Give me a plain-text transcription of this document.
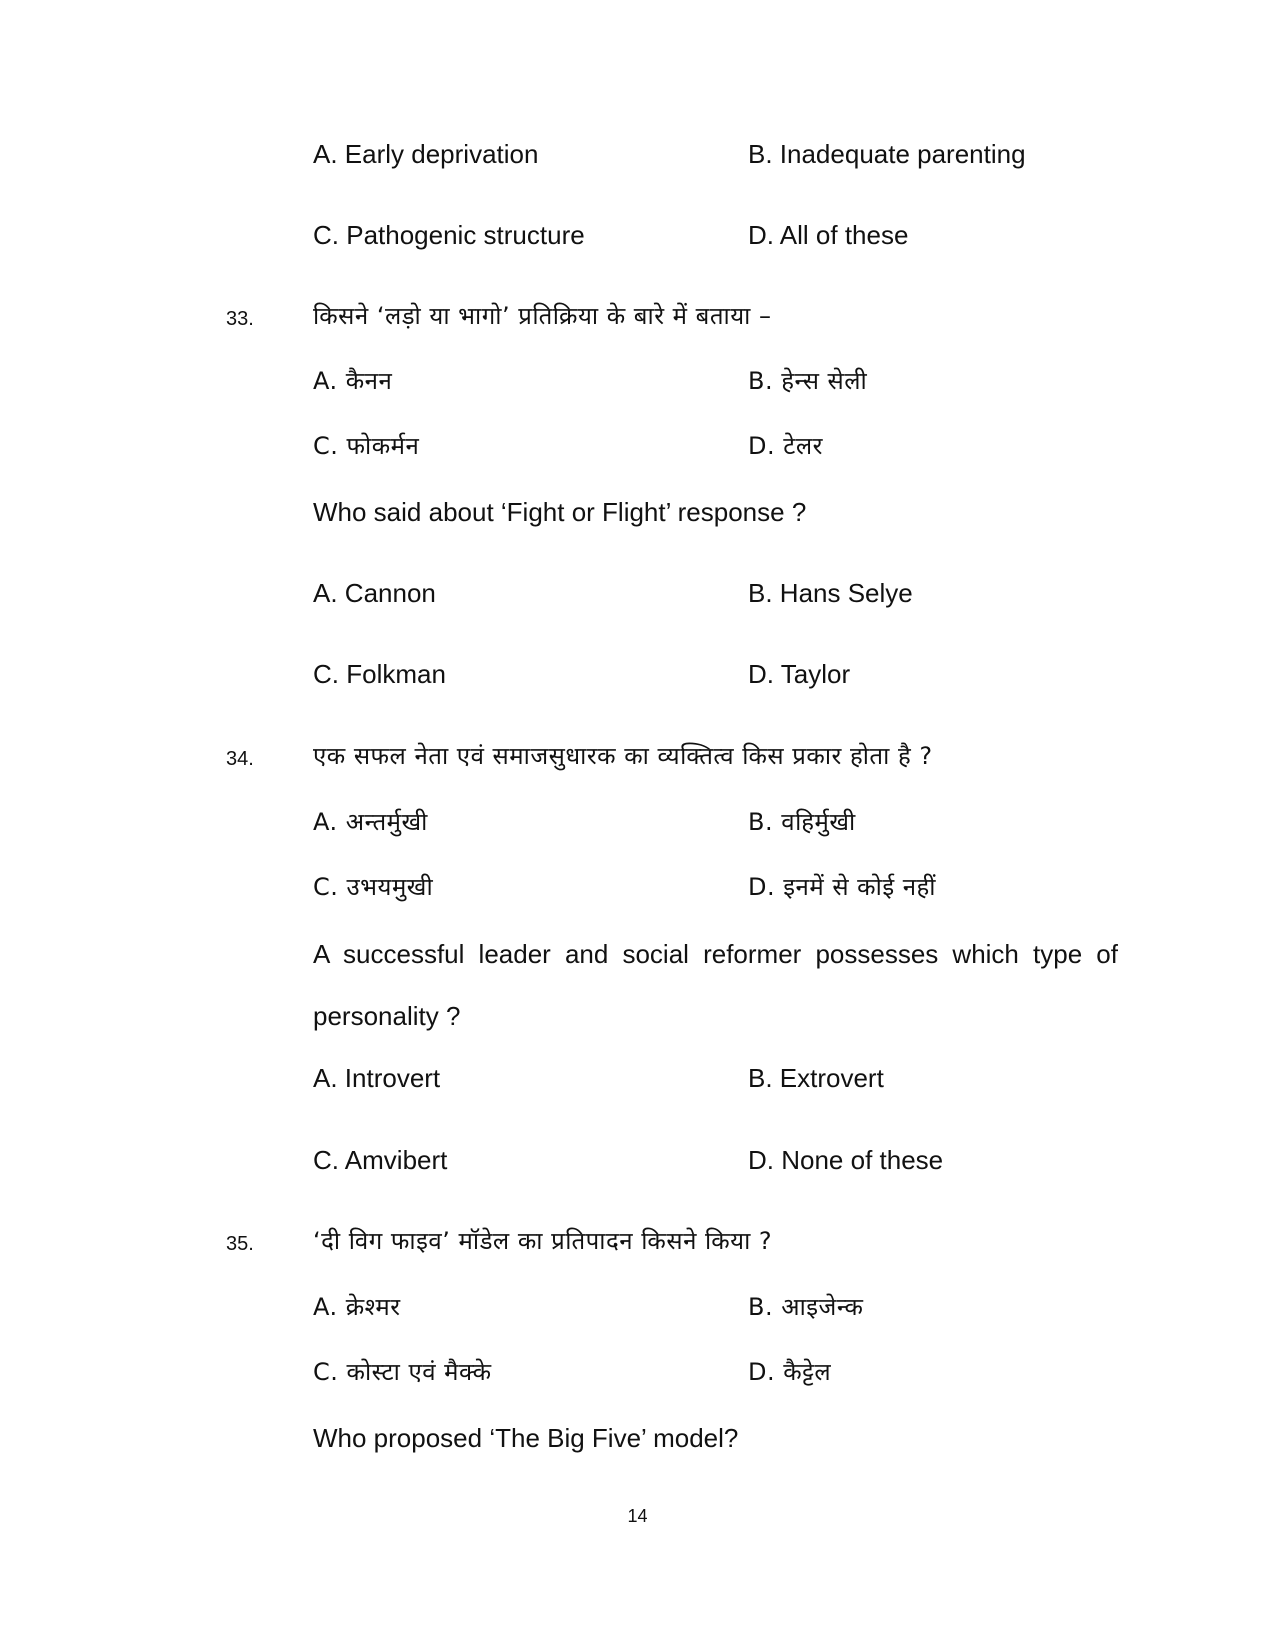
A. Early deprivation	B. Inadequate parenting
C. Pathogenic structure	D. All of these
33. किसने ‘लड़ो या भागो’ प्रतिक्रिया के बारे में बताया –
A. कैनन	B. हेन्स सेली
C. फोकर्मन	D. टेलर
Who said about ‘Fight or Flight’ response ?
A. Cannon	B. Hans Selye
C. Folkman	D. Taylor
34. एक सफल नेता एवं समाजसुधारक का व्यक्तित्व किस प्रकार होता है ?
A. अन्तर्मुखी	B. वहिर्मुखी
C. उभयमुखी	D. इनमें से कोई नहीं
A successful leader and social reformer possesses which type of
personality ?
A. Introvert	B. Extrovert
C. Amvibert	D. None of these
35. ‘दी विग फाइव’ मॉडेल का प्रतिपादन किसने किया ?
A. क्रेश्मर	B. आइजेन्क
C. कोस्टा एवं मैक्के	D. कैट्टेल
Who proposed ‘The Big Five’ model?
14
